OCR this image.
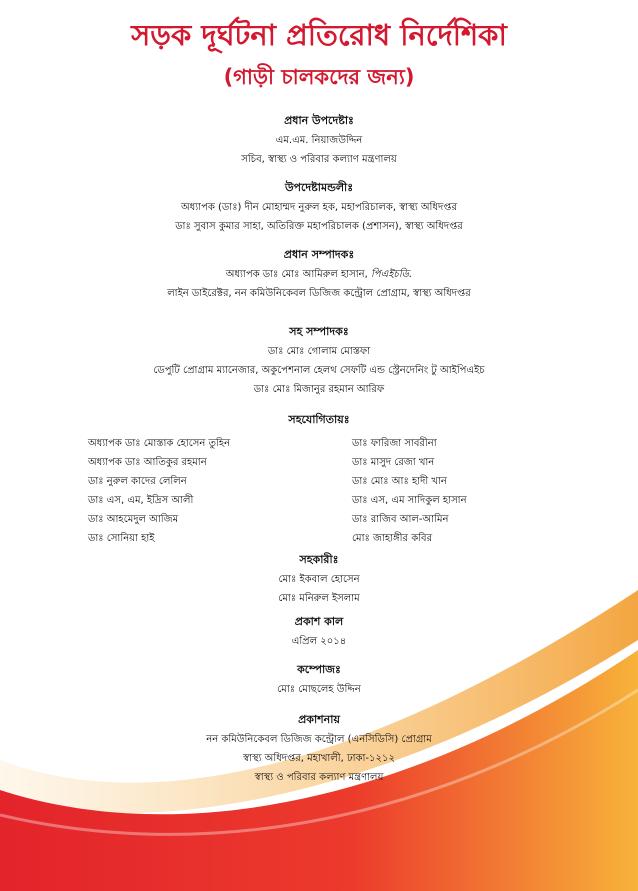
সড়ক দূর্ঘটনা প্রতিরোধ নির্দেশিকা
(গাড়ী চালকদের জন্য)

প্রধান উপদেষ্টাঃ

এম.এম. নিয়াজউদ্দিন

সচিব, স্বাস্থ্য ও পরিবার কল্যাণ মন্ত্রণালয়

উপদেষ্টামন্ডলীঃ

অধ্যাপক (ডাঃ) দীন মোহাম্মদ নুরুল হক, মহাপরিচালক, স্বাস্থ্য অধিদপ্তর

ডাঃ সুবাস কুমার সাহা, অতিরিক্ত মহাপরিচালক (প্রশাসন), স্বাস্থ্য অধিদপ্তর

প্রধান সম্পাদকঃ

অধ্যাপক ডাঃ মোঃ আমিরুল হাসান, পিএইচডি.

লাইন ডাইরেক্টর, নন কমিউনিকেবল ডিজিজ কন্ট্রোল প্রোগ্রাম, স্বাস্থ্য অধিদপ্তর

সহ সম্পাদকঃ

ডাঃ মোঃ গোলাম মোস্তফা

ডেপুটি প্রোগ্রাম ম্যানেজার, অকুপেশনাল হেলথ সেফটি এন্ড স্ট্রেনদেনিং টু আইপিএইচ

ডাঃ মোঃ মিজানুর রহমান আরিফ

সহযোগিতায়ঃ

অধ্যাপক ডাঃ মোস্তাক হোসেন তুহিন

অধ্যাপক ডাঃ আতিকুর রহমান

ডাঃ নুরুল কাদের লেলিন

ডাঃ এস, এম, ইদ্রিস আলী

ডাঃ আহমেদুল আজিম

ডাঃ সোনিয়া হাই

ডাঃ ফারিজা সাবরীনা

ডাঃ মাসুদ রেজা খান

ডাঃ মোঃ আঃ হাদী খান

ডাঃ এস, এম সাদিকুল হাসান

ডাঃ রাজিব আল-আমিন

মোঃ জাহাঙ্গীর কবির

সহকারীঃ

মোঃ ইকবাল হোসেন

মোঃ মনিরুল ইসলাম

প্রকাশ কাল

এপ্রিল ২০১৪

কম্পোজঃ

মোঃ মোছলেহ উদ্দিন

প্রকাশনায়

নন কমিউনিকেবল ডিজিজ কন্ট্রোল (এনসিডিসি) প্রোগ্রাম

স্বাস্থ্য অধিদপ্তর, মহাখালী, ঢাকা-১২১২

স্বাস্থ্য ও পরিবার কল্যাণ মন্ত্রণালয়
